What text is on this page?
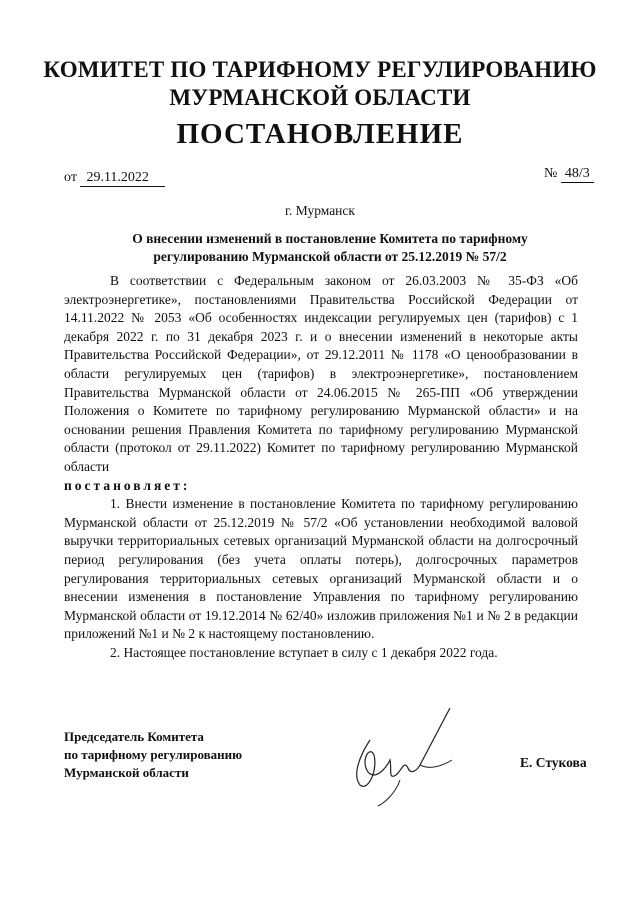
КОМИТЕТ ПО ТАРИФНОМУ РЕГУЛИРОВАНИЮ
МУРМАНСКОЙ ОБЛАСТИ
ПОСТАНОВЛЕНИЕ
от 29.11.2022	№ 48/3
г. Мурманск
О внесении изменений в постановление Комитета по тарифному
регулированию Мурманской области от 25.12.2019 № 57/2

В соответствии с Федеральным законом от 26.03.2003 № 35-ФЗ «Об электроэнергетике», постановлениями Правительства Российской Федерации от 14.11.2022 № 2053 «Об особенностях индексации регулируемых цен (тарифов) с 1 декабря 2022 г. по 31 декабря 2023 г. и о внесении изменений в некоторые акты Правительства Российской Федерации», от 29.12.2011 № 1178 «О ценообразовании в области регулируемых цен (тарифов) в электроэнергетике», постановлением Правительства Мурманской области от 24.06.2015 № 265-ПП «Об утверждении Положения о Комитете по тарифному регулированию Мурманской области» и на основании решения Правления Комитета по тарифному регулированию Мурманской области (протокол от 29.11.2022) Комитет по тарифному регулированию Мурманской области

постановляет:

1. Внести изменение в постановление Комитета по тарифному регулированию Мурманской области от 25.12.2019 № 57/2 «Об установлении необходимой валовой выручки территориальных сетевых организаций Мурманской области на долгосрочный период регулирования (без учета оплаты потерь), долгосрочных параметров регулирования территориальных сетевых организаций Мурманской области и о внесении изменения в постановление Управления по тарифному регулированию Мурманской области от 19.12.2014 № 62/40» изложив приложения №1 и № 2 в редакции приложений №1 и № 2 к настоящему постановлению.

2. Настоящее постановление вступает в силу с 1 декабря 2022 года.

Председатель Комитета
по тарифному регулированию
Мурманской области
Е. Стукова
